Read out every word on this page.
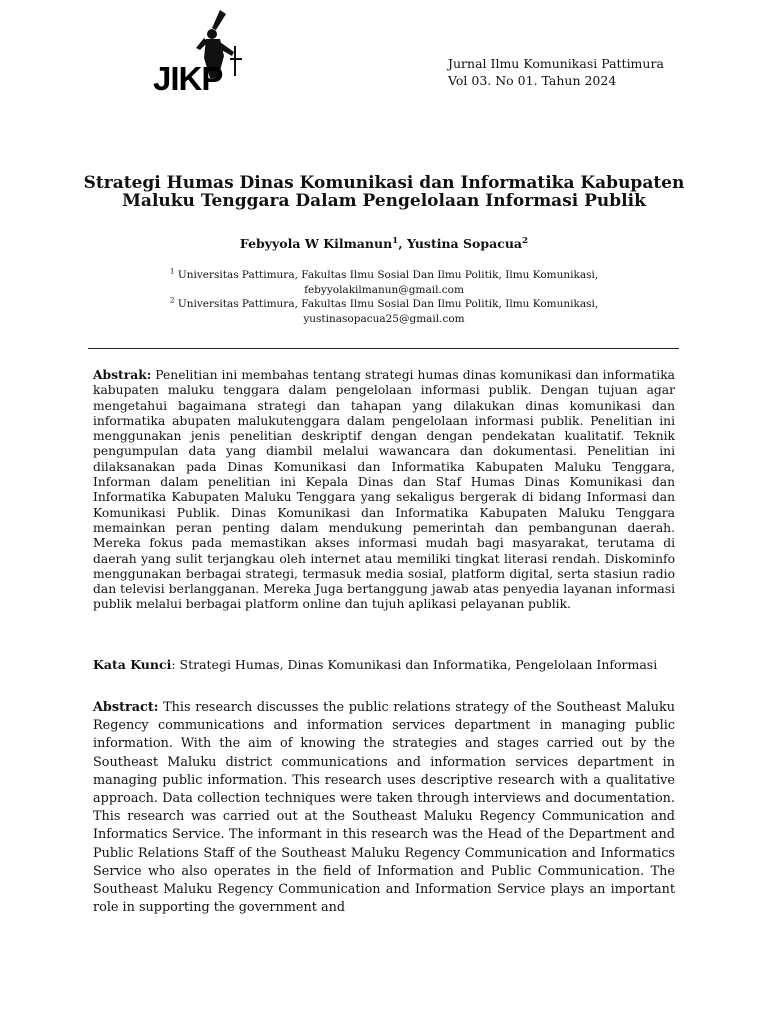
JIKP	Jurnal Ilmu Komunikasi Pattimura
Vol 03. No 01. Tahun 2024
Strategi Humas Dinas Komunikasi dan Informatika Kabupaten Maluku Tenggara Dalam Pengelolaan Informasi Publik
Febyyola W Kilmanun$^1$, Yustina Sopacua$^2$
$^1$ Universitas Pattimura, Fakultas Ilmu Sosial Dan Ilmu Politik, Ilmu Komunikasi,
febyyolakilmanun@gmail.com
$^2$ Universitas Pattimura, Fakultas Ilmu Sosial Dan Ilmu Politik, Ilmu Komunikasi,
yustinasopacua25@gmail.com
Abstrak: Penelitian ini membahas tentang strategi humas dinas komunikasi dan informatika kabupaten maluku tenggara dalam pengelolaan informasi publik. Dengan tujuan agar mengetahui bagaimana strategi dan tahapan yang dilakukan dinas komunikasi dan informatika abupaten malukutenggara dalam pengelolaan informasi publik. Penelitian ini menggunakan jenis penelitian deskriptif dengan dengan pendekatan kualitatif. Teknik pengumpulan data yang diambil melalui wawancara dan dokumentasi. Penelitian ini dilaksanakan pada Dinas Komunikasi dan Informatika Kabupaten Maluku Tenggara, Informan dalam penelitian ini Kepala Dinas dan Staf Humas Dinas Komunikasi dan Informatika Kabupaten Maluku Tenggara yang sekaligus bergerak di bidang Informasi dan Komunikasi Publik. Dinas Komunikasi dan Informatika Kabupaten Maluku Tenggara memainkan peran penting dalam mendukung pemerintah dan pembangunan daerah. Mereka fokus pada memastikan akses informasi mudah bagi masyarakat, terutama di daerah yang sulit terjangkau oleh internet atau memiliki tingkat literasi rendah. Diskominfo menggunakan berbagai strategi, termasuk media sosial, platform digital, serta stasiun radio dan televisi berlangganan. Mereka Juga bertanggung jawab atas penyedia layanan informasi publik melalui berbagai platform online dan tujuh aplikasi pelayanan publik.
Kata Kunci: Strategi Humas, Dinas Komunikasi dan Informatika, Pengelolaan Informasi
Abstract: This research discusses the public relations strategy of the Southeast Maluku Regency communications and information services department in managing public information. With the aim of knowing the strategies and stages carried out by the Southeast Maluku district communications and information services department in managing public information. This research uses descriptive research with a qualitative approach. Data collection techniques were taken through interviews and documentation. This research was carried out at the Southeast Maluku Regency Communication and Informatics Service. The informant in this research was the Head of the Department and Public Relations Staff of the Southeast Maluku Regency Communication and Informatics Service who also operates in the field of Information and Public Communication. The Southeast Maluku Regency Communication and Information Service plays an important role in supporting the government and
